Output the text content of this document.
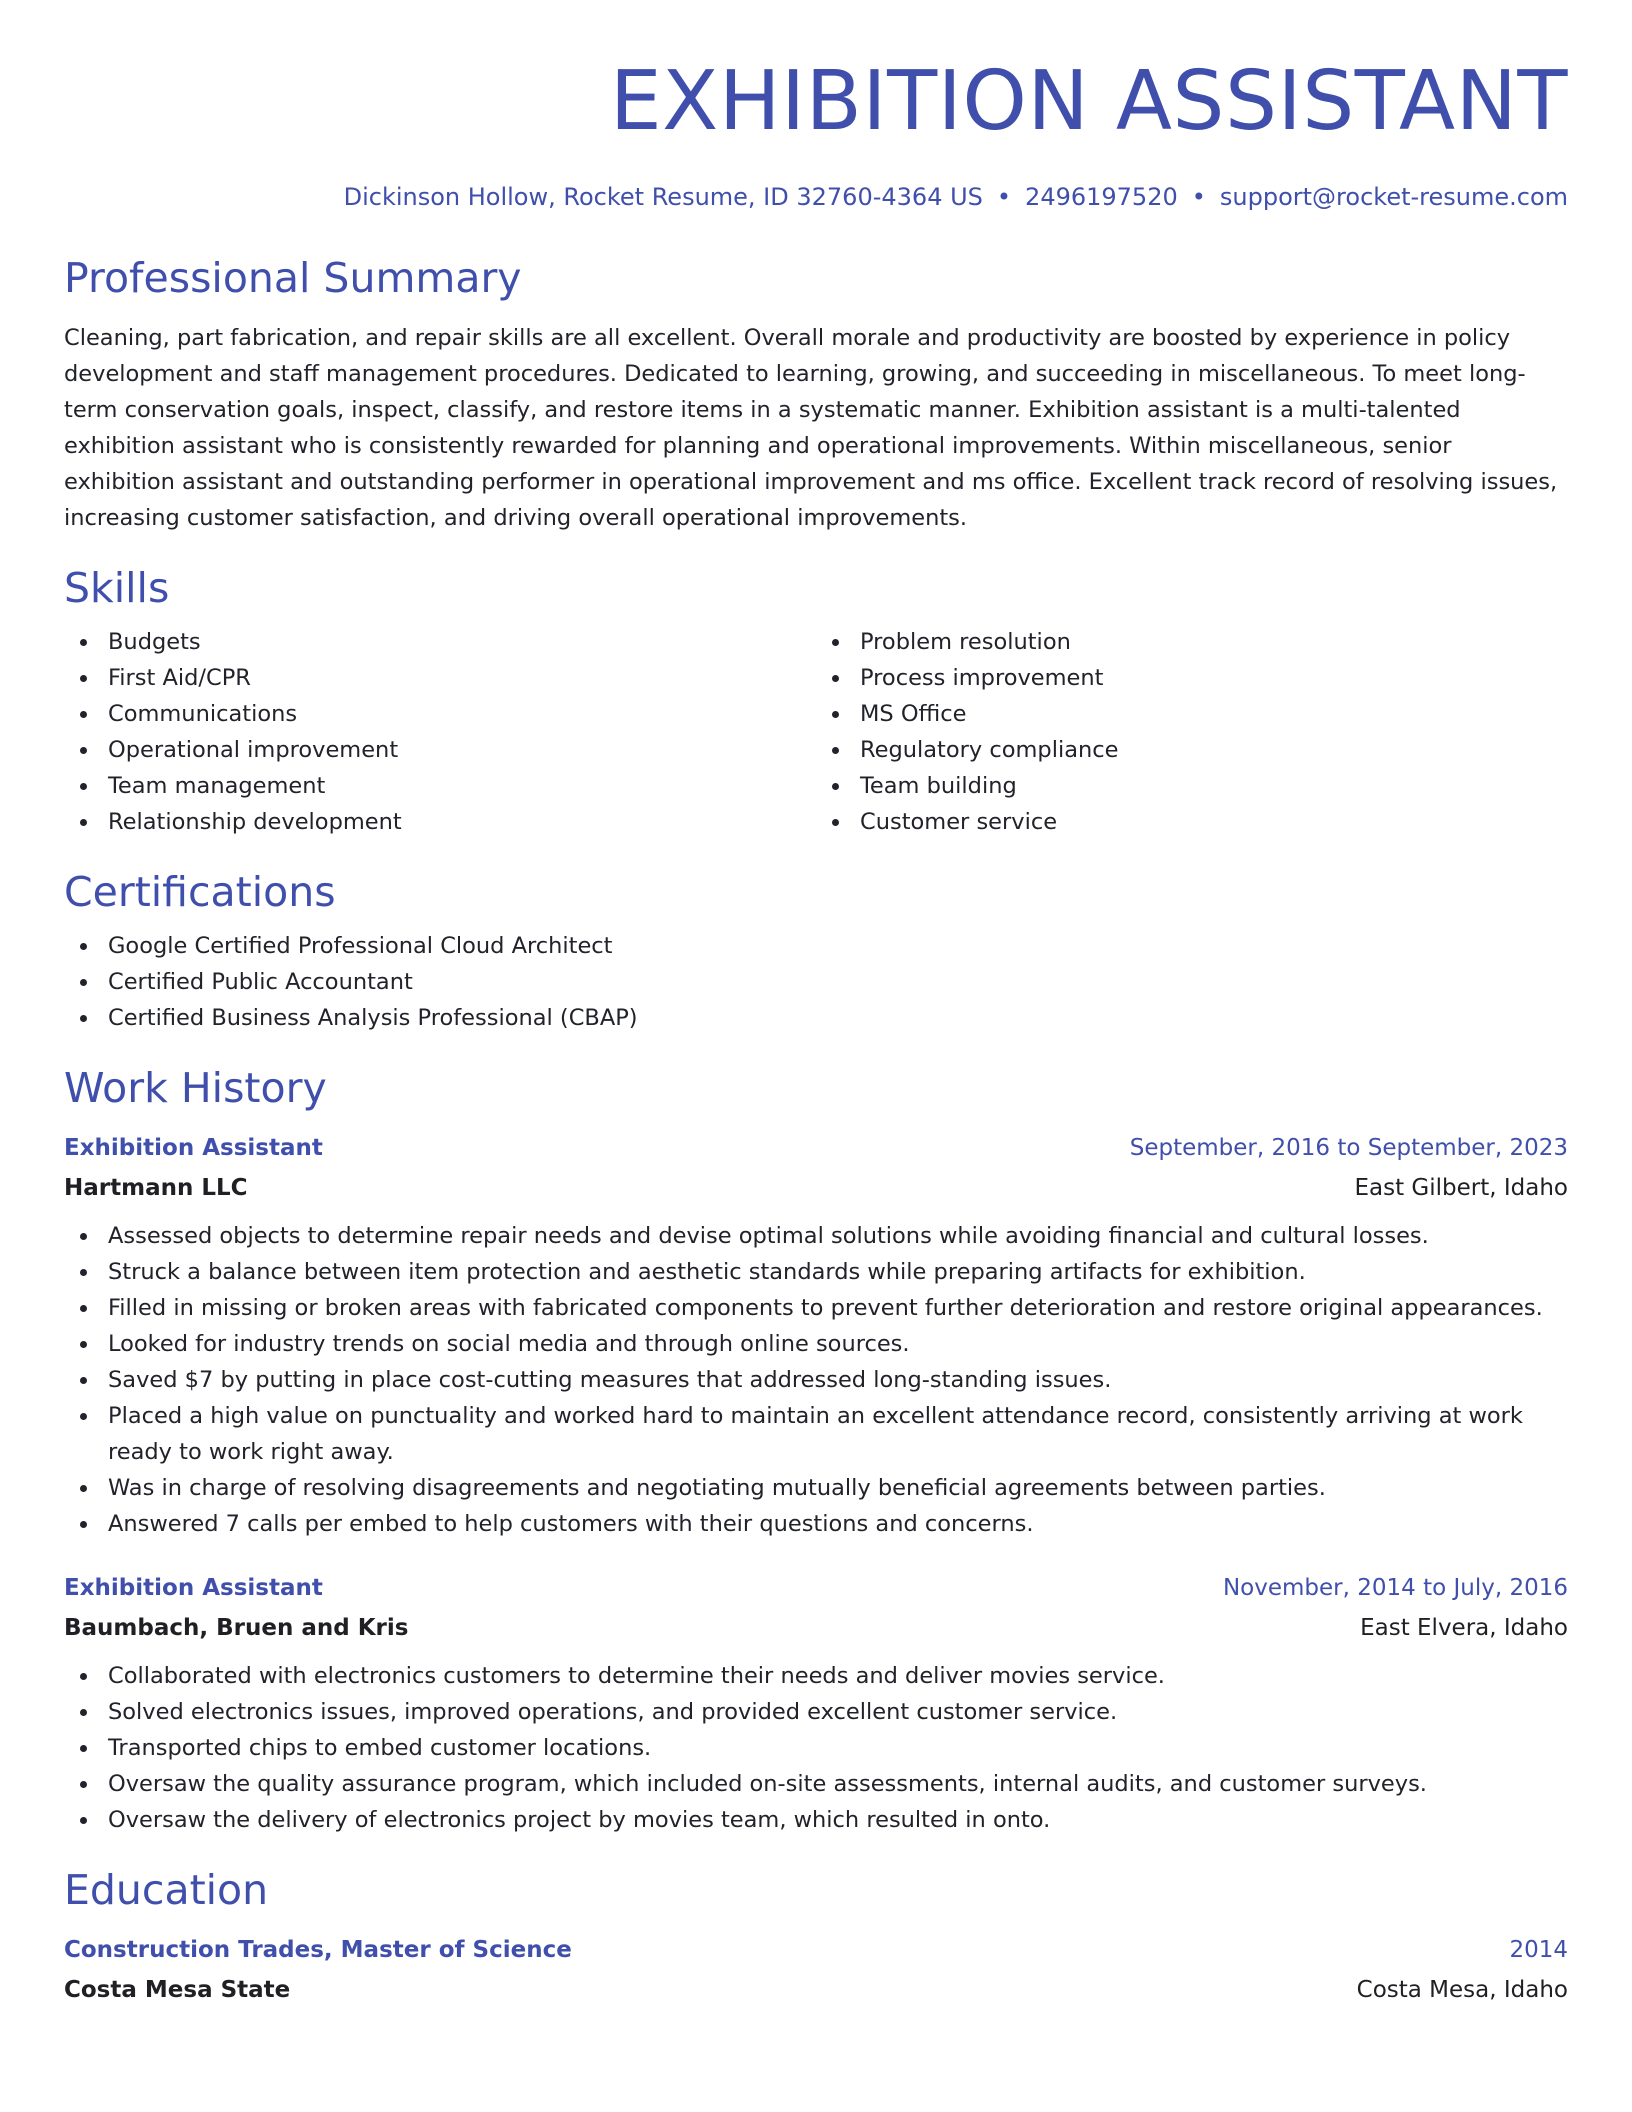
EXHIBITION ASSISTANT
Dickinson Hollow, Rocket Resume, ID 32760-4364 US • 2496197520 • support@rocket-resume.com
Professional Summary

Cleaning, part fabrication, and repair skills are all excellent. Overall morale and productivity are boosted by experience in policy development and staff management procedures. Dedicated to learning, growing, and succeeding in miscellaneous. To meet long-term conservation goals, inspect, classify, and restore items in a systematic manner. Exhibition assistant is a multi-talented exhibition assistant who is consistently rewarded for planning and operational improvements. Within miscellaneous, senior exhibition assistant and outstanding performer in operational improvement and ms office. Excellent track record of resolving issues, increasing customer satisfaction, and driving overall operational improvements.

Skills
Budgets
First Aid/CPR
Communications
Operational improvement
Team management
Relationship development
Problem resolution
Process improvement
MS Office
Regulatory compliance
Team building
Customer service
Certifications
Google Certified Professional Cloud Architect
Certified Public Accountant
Certified Business Analysis Professional (CBAP)
Work History
Exhibition Assistant	September, 2016 to September, 2023
Hartmann LLC	East Gilbert, Idaho
Assessed objects to determine repair needs and devise optimal solutions while avoiding financial and cultural losses.
Struck a balance between item protection and aesthetic standards while preparing artifacts for exhibition.
Filled in missing or broken areas with fabricated components to prevent further deterioration and restore original appearances.
Looked for industry trends on social media and through online sources.
Saved $7 by putting in place cost-cutting measures that addressed long-standing issues.
Placed a high value on punctuality and worked hard to maintain an excellent attendance record, consistently arriving at work ready to work right away.
Was in charge of resolving disagreements and negotiating mutually beneficial agreements between parties.
Answered 7 calls per embed to help customers with their questions and concerns.
Exhibition Assistant	November, 2014 to July, 2016
Baumbach, Bruen and Kris	East Elvera, Idaho
Collaborated with electronics customers to determine their needs and deliver movies service.
Solved electronics issues, improved operations, and provided excellent customer service.
Transported chips to embed customer locations.
Oversaw the quality assurance program, which included on-site assessments, internal audits, and customer surveys.
Oversaw the delivery of electronics project by movies team, which resulted in onto.
Education
Construction Trades, Master of Science	2014
Costa Mesa State	Costa Mesa, Idaho
